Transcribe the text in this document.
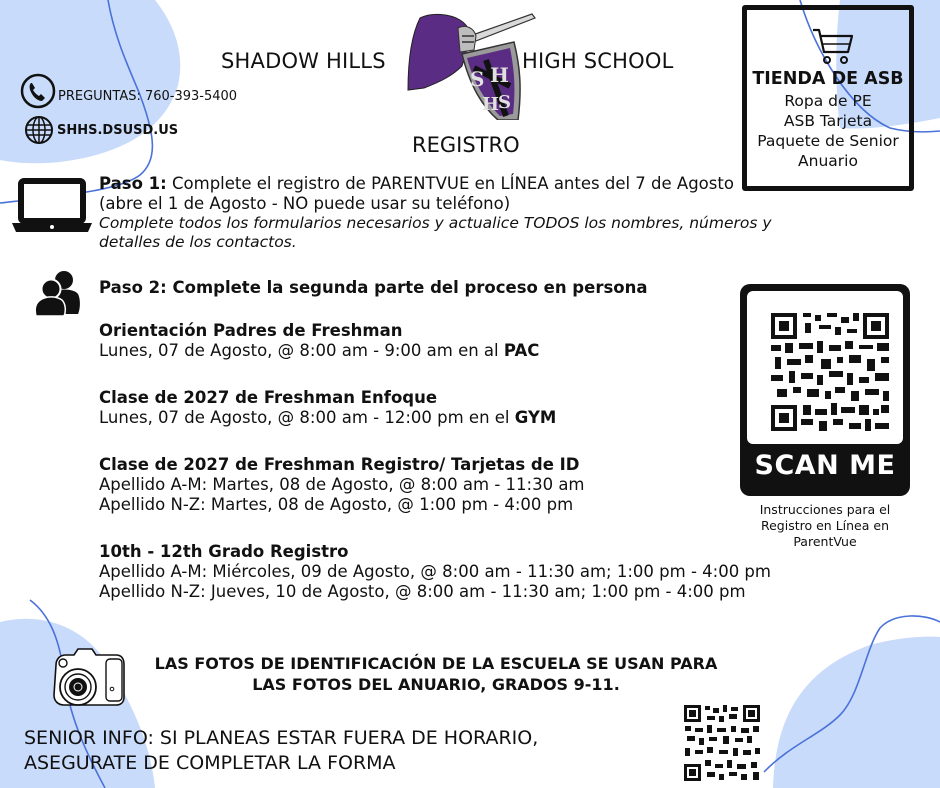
SHADOW HILLS
S H
H
S
HIGH SCHOOL
REGISTRO
PREGUNTAS: 760-393-5400
SHHS.DSUSD.US
TIENDA DE ASB
Ropa de PE
ASB Tarjeta
Paquete de Senior
Anuario
Paso 1: Complete el registro de PARENTVUE en LÍNEA antes del 7 de Agosto
(abre el 1 de Agosto - NO puede usar su teléfono)
Complete todos los formularios necesarios y actualice TODOS los nombres, números y
detalles de los contactos.
Paso 2: Complete la segunda parte del proceso en persona
Orientación Padres de Freshman
Lunes, 07 de Agosto, @ 8:00 am - 9:00 am en al PAC
Clase de 2027 de Freshman Enfoque
Lunes, 07 de Agosto, @ 8:00 am - 12:00 pm en el GYM
Clase de 2027 de Freshman Registro/ Tarjetas de ID
Apellido A-M: Martes, 08 de Agosto, @ 8:00 am - 11:30 am
Apellido N-Z: Martes, 08 de Agosto, @ 1:00 pm - 4:00 pm
10th - 12th Grado Registro
Apellido A-M: Miércoles, 09 de Agosto, @ 8:00 am - 11:30 am; 1:00 pm - 4:00 pm
Apellido N-Z: Jueves, 10 de Agosto, @ 8:00 am - 11:30 am; 1:00 pm - 4:00 pm
SCAN ME
Instrucciones para el
Registro en Línea en
ParentVue
LAS FOTOS DE IDENTIFICACIÓN DE LA ESCUELA SE USAN PARA
LAS FOTOS DEL ANUARIO, GRADOS 9-11.
SENIOR INFO: SI PLANEAS ESTAR FUERA DE HORARIO,
ASEGURATE DE COMPLETAR LA FORMA
